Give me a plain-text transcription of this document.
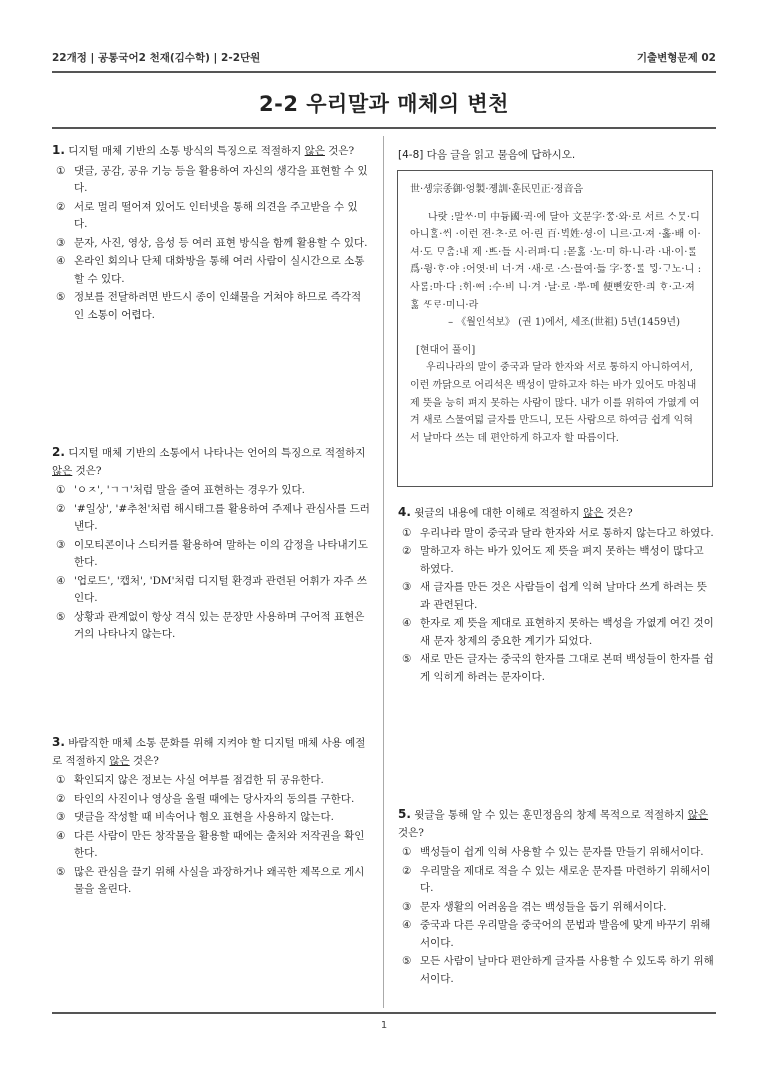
22개정 | 공통국어2 천재(김수학) | 2-2단원	기출변형문제 02
2-2 우리말과 매체의 변천
1. 디지털 매체 기반의 소통 방식의 특징으로 적절하지 않은 것은?
① 댓글, 공감, 공유 기능 등을 활용하여 자신의 생각을 표현할 수 있다.
② 서로 멀리 떨어져 있어도 인터넷을 통해 의견을 주고받을 수 있다.
③ 문자, 사진, 영상, 음성 등 여러 표현 방식을 함께 활용할 수 있다.
④ 온라인 회의나 단체 대화방을 통해 여러 사람이 실시간으로 소통할 수 있다.
⑤ 정보를 전달하려면 반드시 종이 인쇄물을 거쳐야 하므로 즉각적인 소통이 어렵다.
2. 디지털 매체 기반의 소통에서 나타나는 언어의 특징으로 적절하지 않은 것은?
① 'ㅇㅈ', 'ㄱㄱ'처럼 말을 줄여 표현하는 경우가 있다.
② '#일상', '#추천'처럼 해시태그를 활용하여 주제나 관심사를 드러낸다.
③ 이모티콘이나 스티커를 활용하여 말하는 이의 감정을 나타내기도 한다.
④ '업로드', '캡처', 'DM'처럼 디지털 환경과 관련된 어휘가 자주 쓰인다.
⑤ 상황과 관계없이 항상 격식 있는 문장만 사용하며 구어적 표현은 거의 나타나지 않는다.
3. 바람직한 매체 소통 문화를 위해 지켜야 할 디지털 매체 사용 예절로 적절하지 않은 것은?
① 확인되지 않은 정보는 사실 여부를 점검한 뒤 공유한다.
② 타인의 사진이나 영상을 올릴 때에는 당사자의 동의를 구한다.
③ 댓글을 작성할 때 비속어나 혐오 표현을 사용하지 않는다.
④ 다른 사람이 만든 창작물을 활용할 때에는 출처와 저작권을 확인한다.
⑤ 많은 관심을 끌기 위해 사실을 과장하거나 왜곡한 제목으로 게시물을 올린다.
[4-8] 다음 글을 읽고 물음에 답하시오.
世·솅宗종御·엉製·졩訓·훈民민正·졍音음
나랏 :말ᄊᆞ·미 中듕國·귁·에 달아 文문字·ᄍᆞᆼ·와·로 서르 ᄉᆞᄆᆞᆺ·디 아니ᄒᆞᆯ·ᄊᆡ ·이런 젼·ᄎᆞ·로 어·린 百·ᄇᆡᆨ姓·셩·이 니르·고·져 ·홇·배 이·셔·도 ᄆᆞᄎᆞᆷ:내 제 ·ᄠᅳ·들 시·러펴·디 :몯ᄒᆞᇙ ·노·미 하·니·라 ·내·이·ᄅᆞᆯ 爲·윙·ᄒᆞ·야 :어엿·비 너·겨 ·새·로 ·스·믈여·듧 字·ᄍᆞᆼ·ᄅᆞᆯ ᄆᆡᇰ·ᄀᆞ노·니 :사ᄅᆞᆷ:마·다 :ᄒᆡ·ᅇᅧ :수·비 니·겨 ·날·로 ·ᄡᅮ·메 便뼌安ᅙᅡᆫ·킈 ᄒᆞ·고·져 ᄒᆞᇙ ᄯᆞᄅᆞ·미니·라
– 《월인석보》 (권 1)에서, 세조(世祖) 5년(1459년)
[현대어 풀이]
우리나라의 말이 중국과 달라 한자와 서로 통하지 아니하여서, 이런 까닭으로 어리석은 백성이 말하고자 하는 바가 있어도 마침내 제 뜻을 능히 펴지 못하는 사람이 많다. 내가 이를 위하여 가엾게 여겨 새로 스물여덟 글자를 만드니, 모든 사람으로 하여금 쉽게 익혀서 날마다 쓰는 데 편안하게 하고자 할 따름이다.
4. 윗글의 내용에 대한 이해로 적절하지 않은 것은?
① 우리나라 말이 중국과 달라 한자와 서로 통하지 않는다고 하였다.
② 말하고자 하는 바가 있어도 제 뜻을 펴지 못하는 백성이 많다고 하였다.
③ 새 글자를 만든 것은 사람들이 쉽게 익혀 날마다 쓰게 하려는 뜻과 관련된다.
④ 한자로 제 뜻을 제대로 표현하지 못하는 백성을 가엾게 여긴 것이 새 문자 창제의 중요한 계기가 되었다.
⑤ 새로 만든 글자는 중국의 한자를 그대로 본떠 백성들이 한자를 쉽게 익히게 하려는 문자이다.
5. 윗글을 통해 알 수 있는 훈민정음의 창제 목적으로 적절하지 않은 것은?
① 백성들이 쉽게 익혀 사용할 수 있는 문자를 만들기 위해서이다.
② 우리말을 제대로 적을 수 있는 새로운 문자를 마련하기 위해서이다.
③ 문자 생활의 어려움을 겪는 백성들을 돕기 위해서이다.
④ 중국과 다른 우리말을 중국어의 문법과 발음에 맞게 바꾸기 위해서이다.
⑤ 모든 사람이 날마다 편안하게 글자를 사용할 수 있도록 하기 위해서이다.
1
